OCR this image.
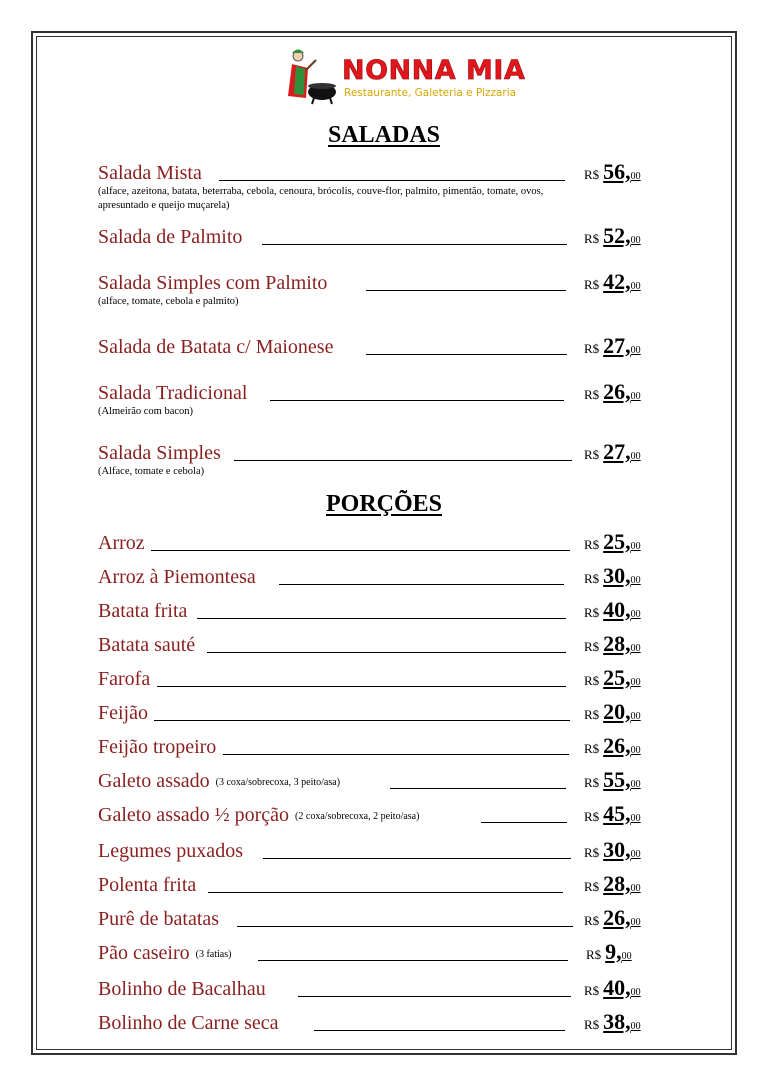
NONNA MIA
Restaurante, Galeteria e Pizzaria
SALADAS
Salada Mista	R$ 56, 00
(alface, azeitona, batata, beterraba, cebola, cenoura, brócolis, couve-flor, palmito, pimentão, tomate, ovos, apresuntado e queijo muçarela)
Salada de Palmito	R$ 52, 00
Salada Simples com Palmito	R$ 42, 00
(alface, tomate, cebola e palmito)
Salada de Batata c/ Maionese	R$ 27, 00
Salada Tradicional	R$ 26, 00
(Almeirão com bacon)
Salada Simples	R$ 27, 00
(Alface, tomate e cebola)
PORÇÕES
Arroz	R$ 25, 00
Arroz à Piemontesa	R$ 30, 00
Batata frita	R$ 40, 00
Batata sauté	R$ 28, 00
Farofa	R$ 25, 00
Feijão	R$ 20, 00
Feijão tropeiro	R$ 26, 00
Galeto assado (3 coxa/sobrecoxa, 3 peito/asa)	R$ 55, 00
Galeto assado ½ porção (2 coxa/sobrecoxa, 2 peito/asa)	R$ 45, 00
Legumes puxados	R$ 30, 00
Polenta frita	R$ 28, 00
Purê de batatas	R$ 26, 00
Pão caseiro (3 fatias)	R$ 9, 00
Bolinho de Bacalhau	R$ 40, 00
Bolinho de Carne seca	R$ 38, 00
